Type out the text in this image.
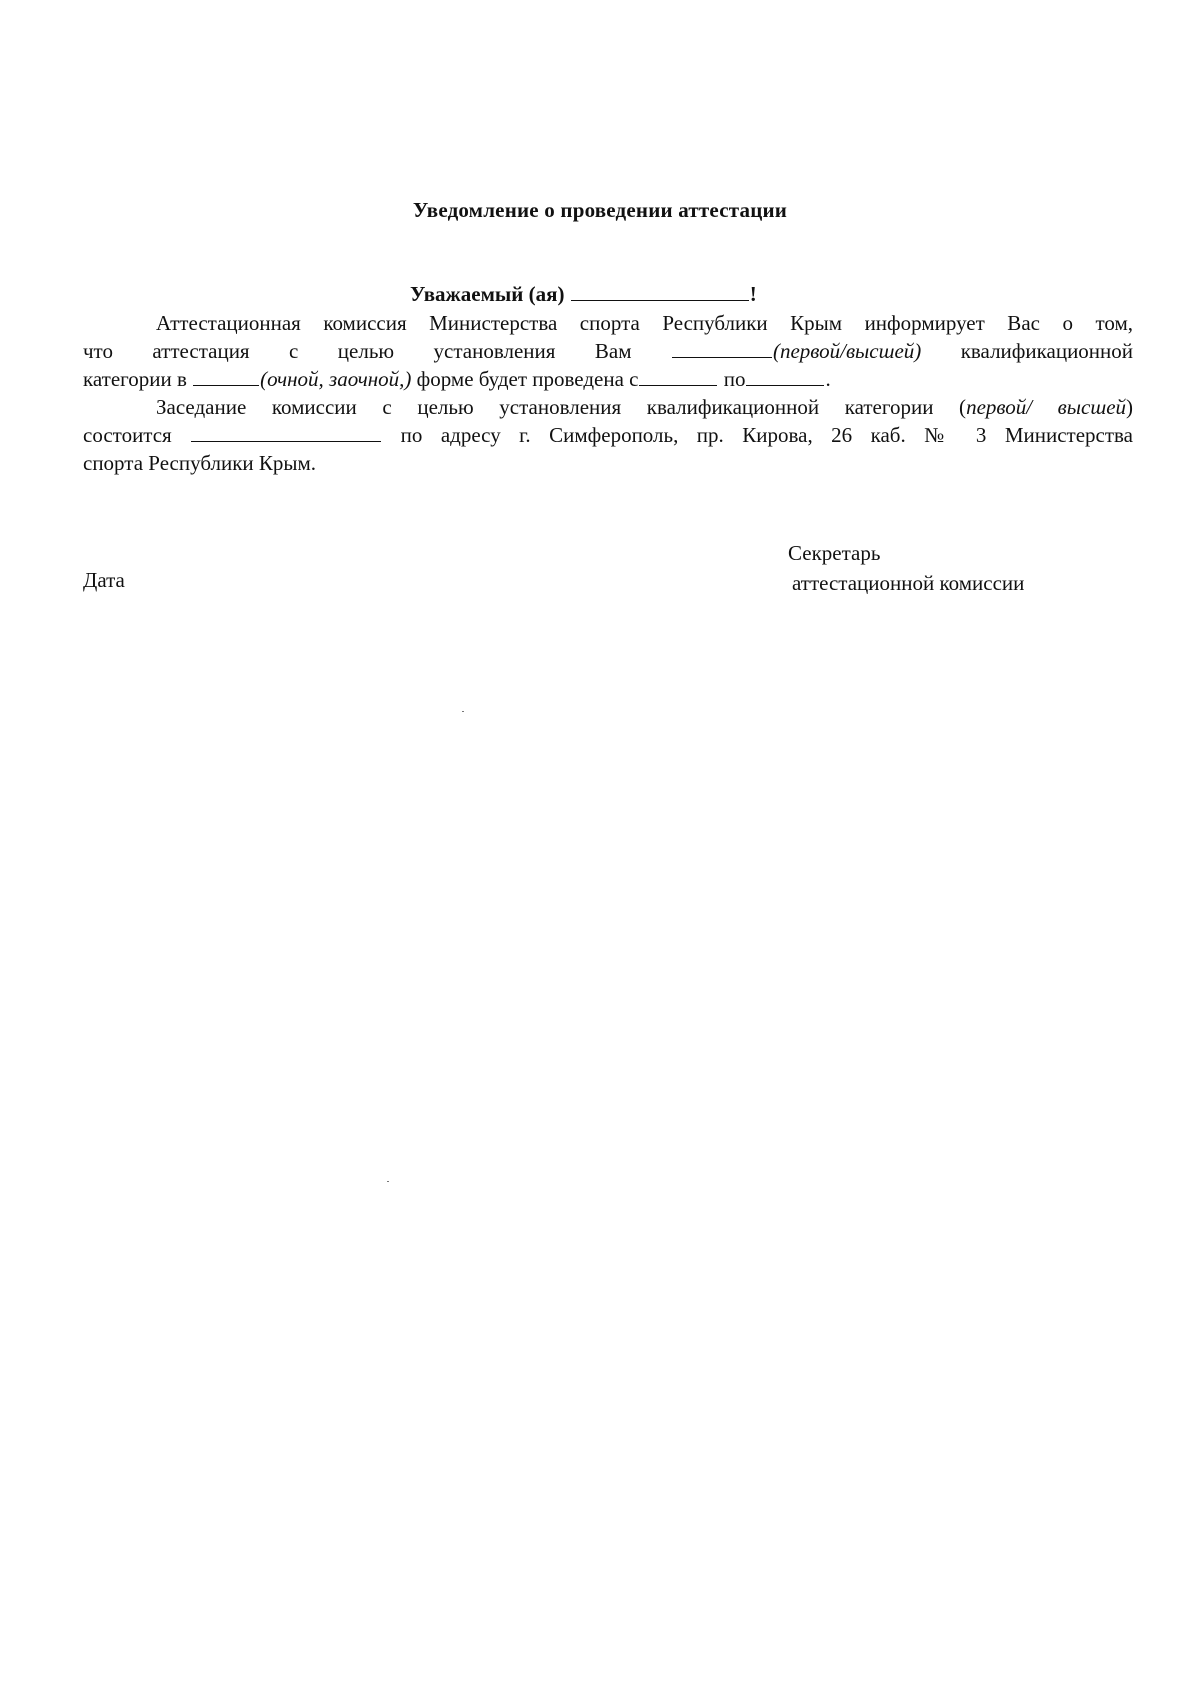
Уведомление о проведении аттестации
Уважаемый (ая)	!

Аттестационная комиссия Министерства спорта Республики Крым информирует Вас о том,
что аттестация с целью установления Вам	(первой/высшей) квалификационной
категории в	(очной, заочной,) форме будет проведена с	по	.

Заседание комиссии с целью установления квалификационной категории (первой/ высшей)
состоится	по адресу г. Симферополь, пр. Кирова, 26 каб. № 3 Министерства
спорта Республики Крым.

Секретарь
аттестационной комиссии
Дата
